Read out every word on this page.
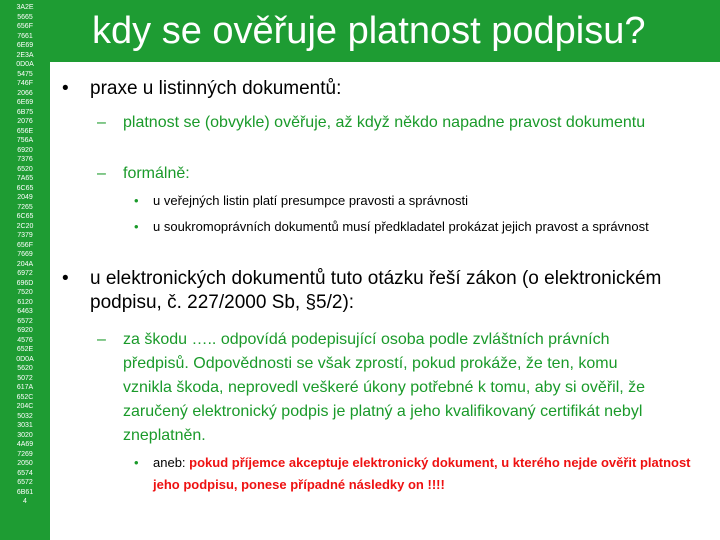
3A2E
5665
656F
7661
6E69
2E3A
0D0A
5475
746F
2066
6E69
6B75
2076
656E
756A
6920
7376
6520
7A65
6C65
2049
7265
6C65
2C20
7379
656F
7669
204A
6972
696D
7520
6120
6463
6572
6920
4576
652E
0D0A
5620
5072
617A
652C
204C
5032
3031
3020
4A69
7269
2050
6574
6572
6B61
4
kdy se ověřuje platnost podpisu?
• praxe u listinných dokumentů:
– platnost se (obvykle) ověřuje, až když někdo napadne pravost dokumentu
– formálně:
• u veřejných listin platí presumpce pravosti a správnosti
• u soukromoprávních dokumentů musí předkladatel prokázat jejich pravost a správnost
• u elektronických dokumentů tuto otázku řeší zákon (o elektronickém podpisu, č. 227/2000 Sb, §5/2):
– za škodu ….. odpovídá podepisující osoba podle zvláštních právních předpisů. Odpovědnosti se však zprostí, pokud prokáže, že ten, komu vznikla škoda, neprovedl veškeré úkony potřebné k tomu, aby si ověřil, že zaručený elektronický podpis je platný a jeho kvalifikovaný certifikát nebyl zneplatněn.
• aneb: pokud příjemce akceptuje elektronický dokument, u kterého nejde ověřit platnost jeho podpisu, ponese případné následky on !!!!
